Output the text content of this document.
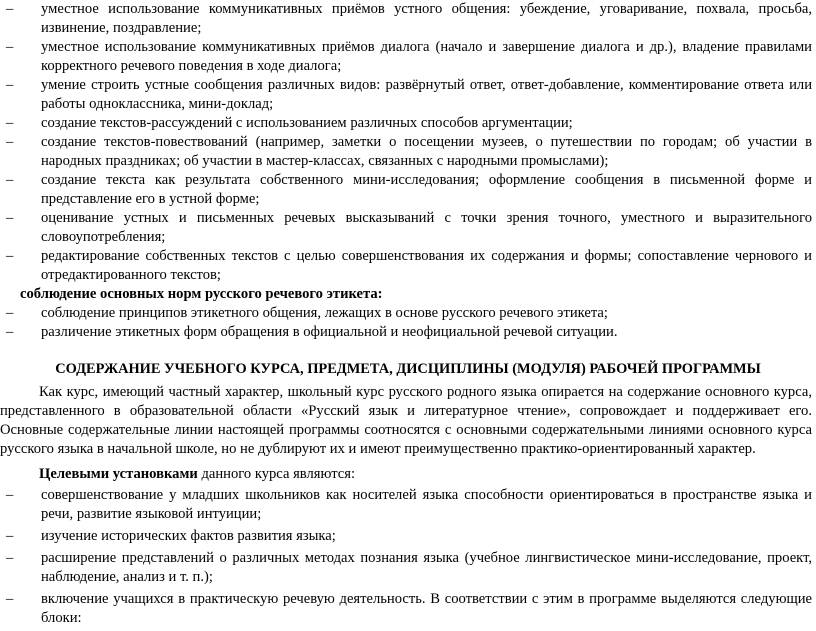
– уместное использование коммуникативных приёмов устного общения: убеждение, уговаривание, похвала, просьба, извинение, поздравление;
– уместное использование коммуникативных приёмов диалога (начало и завершение диалога и др.), владение правилами корректного речевого поведения в ходе диалога;
– умение строить устные сообщения различных видов: развёрнутый ответ, ответ-добавление, комментирование ответа или работы одноклассника, мини-доклад;
– создание текстов-рассуждений с использованием различных способов аргументации;
– создание текстов-повествований (например, заметки о посещении музеев, о путешествии по городам; об участии в народных праздниках; об участии в мастер-классах, связанных с народными промыслами);
– создание текста как результата собственного мини-исследования; оформление сообщения в письменной форме и представление его в устной форме;
– оценивание устных и письменных речевых высказываний с точки зрения точного, уместного и выразительного словоупотребления;
– редактирование собственных текстов с целью совершенствования их содержания и формы; сопоставление чернового и отредактированного текстов;

соблюдение основных норм русского речевого этикета:

– соблюдение принципов этикетного общения, лежащих в основе русского речевого этикета;
– различение этикетных форм обращения в официальной и неофициальной речевой ситуации.
СОДЕРЖАНИЕ УЧЕБНОГО КУРСА, ПРЕДМЕТА, ДИСЦИПЛИНЫ (МОДУЛЯ) РАБОЧЕЙ ПРОГРАММЫ

Как курс, имеющий частный характер, школьный курс русского родного языка опирается на содержание основного курса, представленного в образовательной области «Русский язык и литературное чтение», сопровождает и поддерживает его. Основные содержательные линии настоящей программы соотносятся с основными содержательными линиями основного курса русского языка в начальной школе, но не дублируют их и имеют преимущественно практико-ориентированный характер.

Целевыми установками данного курса являются:

– совершенствование у младших школьников как носителей языка способности ориентироваться в пространстве языка и речи, развитие языковой интуиции;
– изучение исторических фактов развития языка;
– расширение представлений о различных методах познания языка (учебное лингвистическое мини-исследование, проект, наблюдение, анализ и т. п.);
– включение учащихся в практическую речевую деятельность. В соответствии с этим в программе выделяются следующие блоки:
